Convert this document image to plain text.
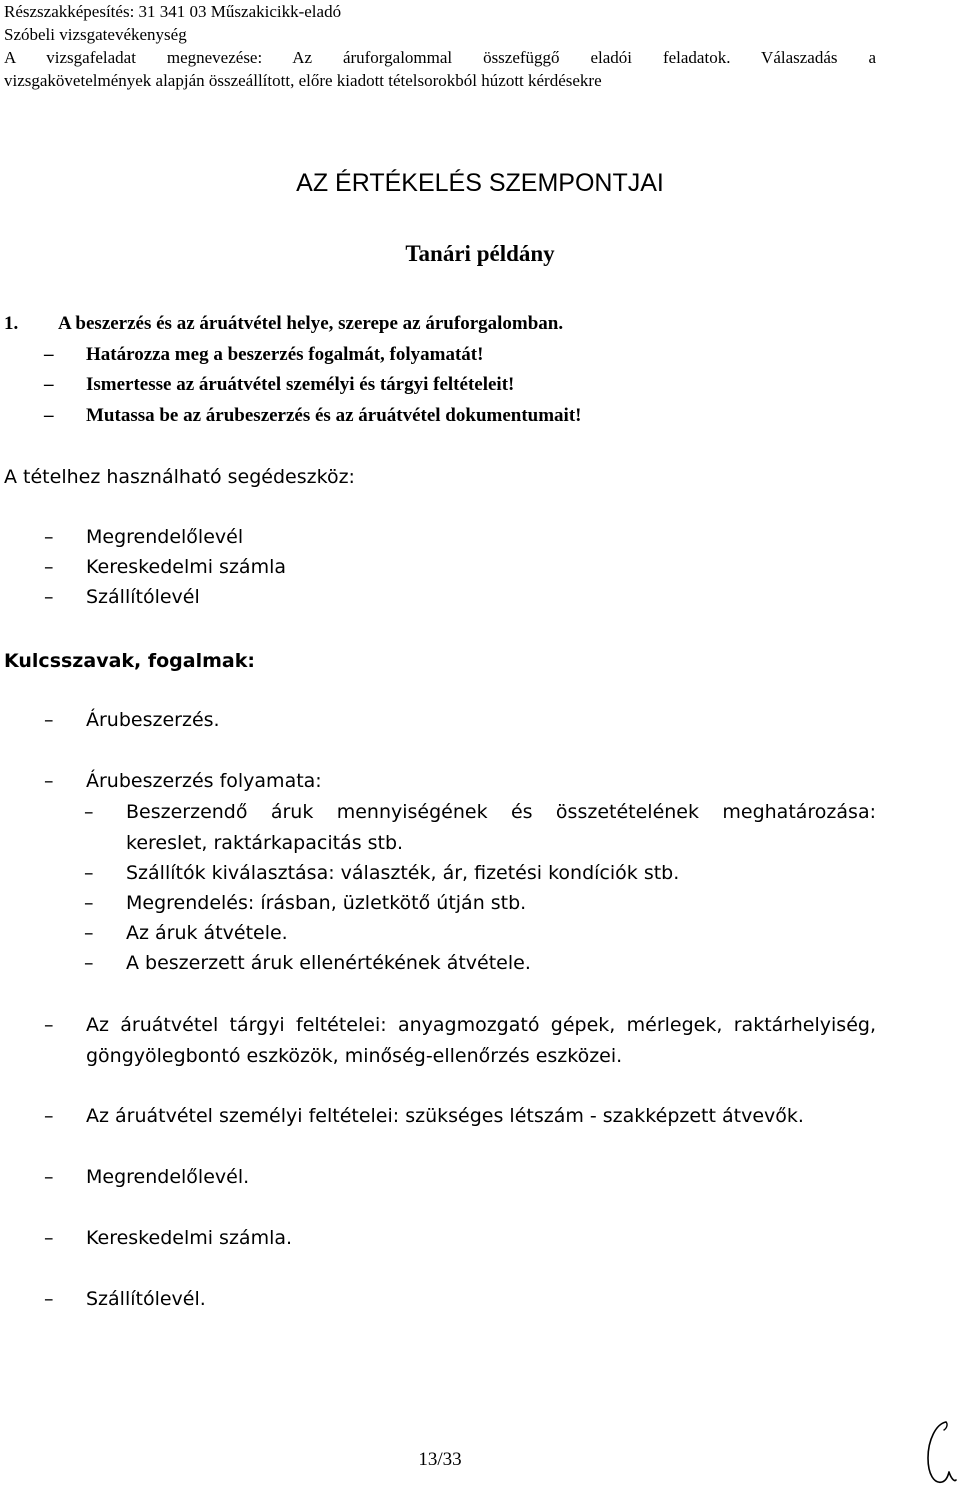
Részszakképesítés: 31 341 03 Műszakicikk-eladó
Szóbeli vizsgatevékenység
A vizsgafeladat megnevezése: Az áruforgalommal összefüggő eladói feladatok. Válaszadás a
vizsgakövetelmények alapján összeállított, előre kiadott tételsorokból húzott kérdésekre
AZ ÉRTÉKELÉS SZEMPONTJAI
Tanári példány
1. A beszerzés és az áruátvétel helye, szerepe az áruforgalomban.
–	Határozza meg a beszerzés fogalmát, folyamatát!
–	Ismertesse az áruátvétel személyi és tárgyi feltételeit!
–	Mutassa be az árubeszerzés és az áruátvétel dokumentumait!
A tételhez használható segédeszköz:
–	Megrendelőlevél
–	Kereskedelmi számla
–	Szállítólevél
Kulcsszavak, fogalmak:
–	Árubeszerzés.
–	Árubeszerzés folyamata:
– Beszerzendő áruk mennyiségének és összetételének meghatározása: kereslet, raktárkapacitás stb.
–	Szállítók kiválasztása: választék, ár, fizetési kondíciók stb.
–	Megrendelés: írásban, üzletkötő útján stb.
–	Az áruk átvétele.
–	A beszerzett áruk ellenértékének átvétele.
– Az áruátvétel tárgyi feltételei: anyagmozgató gépek, mérlegek, raktárhelyiség, göngyölegbontó eszközök, minőség-ellenőrzés eszközei.
–	Az áruátvétel személyi feltételei: szükséges létszám - szakképzett átvevők.
–	Megrendelőlevél.
–	Kereskedelmi számla.
–	Szállítólevél.
13/33
